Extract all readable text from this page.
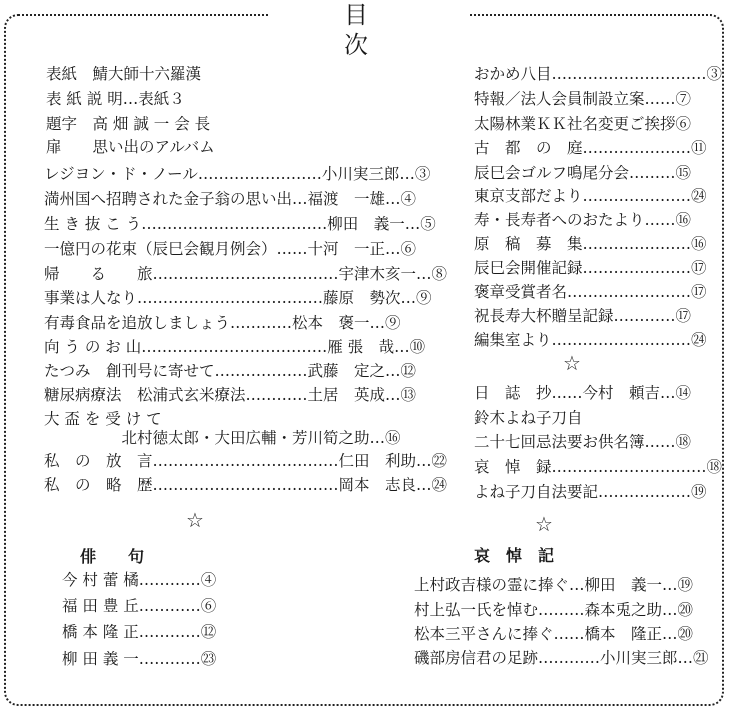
目　次
表紙　鯖大師十六羅漢
表 紙 説 明…表紙３
題字　高 畑 誠 一 会 長
扉　　思い出のアルバム
レジヨン・ド・ノール……………………小川実三郎…③
満州国へ招聘された金子翁の思い出…福渡　一雄…④
生 き 抜 こ う………………………………柳田　義一…⑤
一億円の花束（辰巳会観月例会）……十河　一正…⑥
帰　　る　　旅………………………………宇津木亥一…⑧
事業は人なり………………………………藤原　勢次…⑨
有毒食品を追放しましょう…………松本　褒一…⑨
向 う の お 山………………………………雁 張　哉…⑩
たつみ　創刊号に寄せて………………武藤　定之…⑫
糖尿病療法　松浦式玄米療法…………土居　英成…⑬
大 盃 を 受 け て
　　　　　北村徳太郎・大田広輔・芳川筍之助…⑯
私　の　放　言………………………………仁田　利助…㉒
私　の　略　歴………………………………岡本　志良…㉔
☆
俳　　句
今 村 蕾 橘…………④
福 田 豊 丘…………⑥
橋 本 隆 正…………⑫
柳 田 義 一…………㉓
おかめ八目…………………………③
特報／法人会員制設立案……⑦
太陽林業ＫＫ社名変更ご挨拶⑥
古　都　の　庭…………………⑪
辰巳会ゴルフ鳴尾分会………⑮
東京支部だより…………………㉔
寿・長寿者へのおたより……⑯
原　稿　募　集…………………⑯
辰巳会開催記録…………………⑰
褒章受賞者名……………………⑰
祝長寿大杯贈呈記録…………⑰
編集室より………………………㉔
☆
日　誌　抄……今村　頼吉…⑭
鈴木よね子刀自
二十七回忌法要お供名簿……⑱
哀　悼　録…………………………⑱
よね子刀自法要記………………⑲
☆
哀　悼　記
上村政吉様の霊に捧ぐ…柳田　義一…⑲
村上弘一氏を悼む………森本兎之助…⑳
松本三平さんに捧ぐ……橋本　隆正…⑳
磯部房信君の足跡…………小川実三郎…㉑
